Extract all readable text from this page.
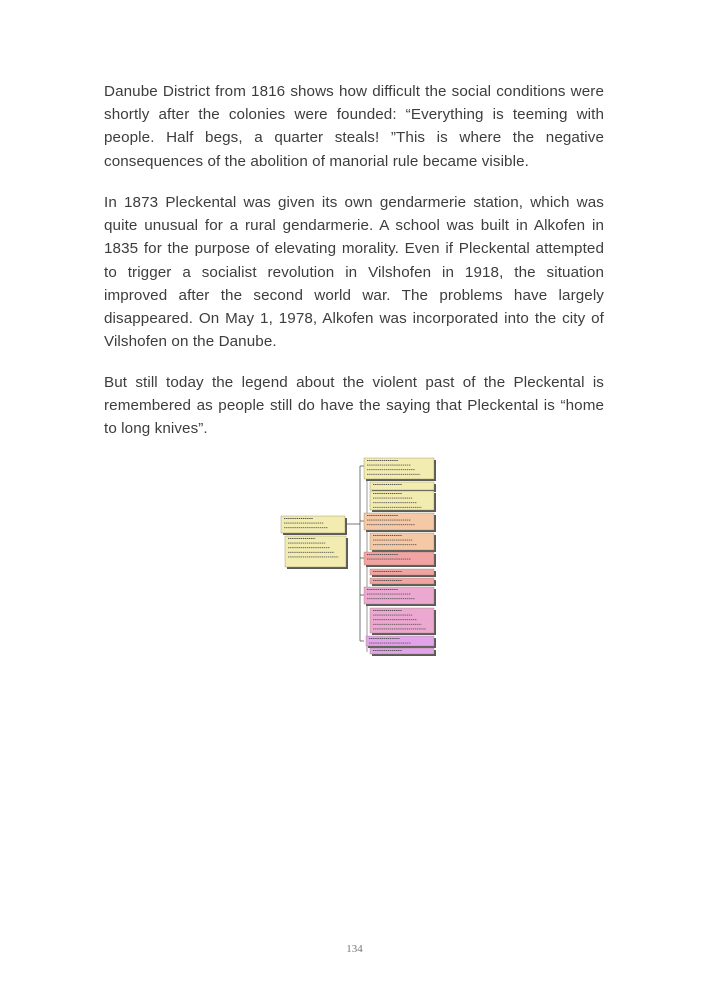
Danube District from 1816 shows how difficult the social conditions were shortly after the colonies were founded: “Everything is teeming with people. Half begs, a quarter steals! ”This is where the negative consequences of the abolition of manorial rule became visible.

In 1873 Pleckental was given its own gendarmerie station, which was quite unusual for a rural gendarmerie. A school was built in Alkofen in 1835 for the purpose of elevating morality. Even if Pleckental attempted to trigger a socialist revolution in Vilshofen in 1918, the situation improved after the second world war. The problems have largely disappeared. On May 1, 1978, Alkofen was incorporated into the city of Vilshofen on the Danube.

But still today the legend about the violent past of the Pleckental is remembered as people still do have the saying that Pleckental is “home to long knives”.

134
